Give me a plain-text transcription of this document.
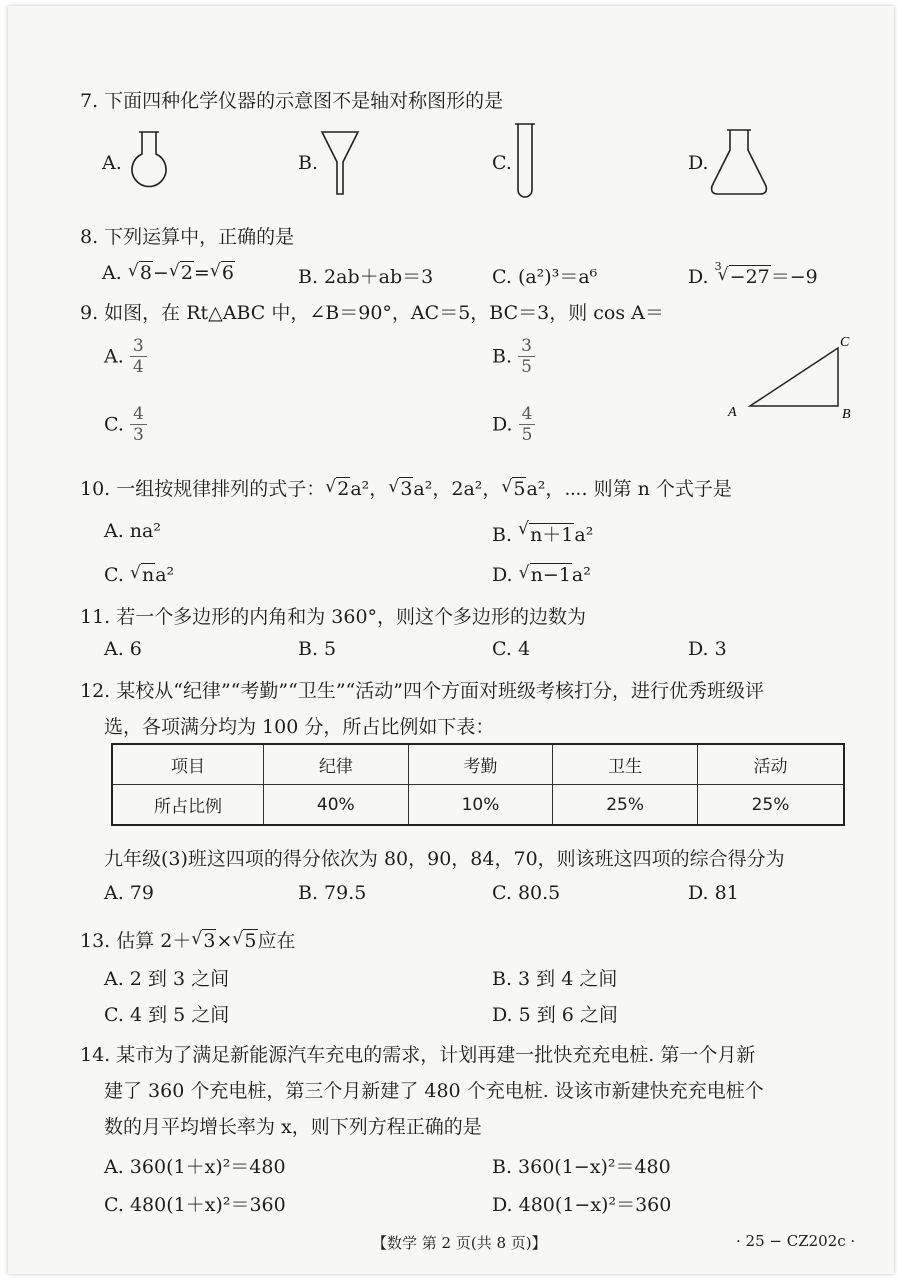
7. 下面四种化学仪器的示意图不是轴对称图形的是
A.	B.	C.	D.
8. 下列运算中，正确的是
A. √ 8− √ 2= √ 6	B. 2ab＋ab＝3	C. (a²)³＝a⁶	D. $^3$ √ −27＝−9
9. 如图，在 Rt△ABC 中，∠B＝90°，AC＝5，BC＝3，则 cos A＝
A. $\frac{3}{4}$	B. $\frac{3}{5}$
C. $\frac{4}{3}$	D. $\frac{4}{5}$	A	B
C
10. 一组按规律排列的式子： √ 2a²， √ 3a²，2a²， √ 5a²，⋯. 则第 n 个式子是
A. na²	B. √ n＋1a²
C. √ na²	D. √ n−1a²
11. 若一个多边形的内角和为 360°，则这个多边形的边数为
A. 6	B. 5	C. 4	D. 3
12. 某校从“纪律”“考勤”“卫生”“活动”四个方面对班级考核打分，进行优秀班级评
选，各项满分均为 100 分，所占比例如下表：
项目	纪律	考勤	卫生	活动
所占比例	40%	10%	25%	25%
九年级(3)班这四项的得分依次为 80，90，84，70，则该班这四项的综合得分为
A. 79	B. 79.5	C. 80.5	D. 81
13. 估算 2＋ √ 3× √ 5应在
A. 2 到 3 之间	B. 3 到 4 之间
C. 4 到 5 之间	D. 5 到 6 之间
14. 某市为了满足新能源汽车充电的需求，计划再建一批快充充电桩. 第一个月新
建了 360 个充电桩，第三个月新建了 480 个充电桩. 设该市新建快充充电桩个
数的月平均增长率为 x，则下列方程正确的是
A. 360(1＋x)²＝480	B. 360(1−x)²＝480
C. 480(1＋x)²＝360	D. 480(1−x)²＝360
【数学 第 2 页(共 8 页)】	· 25 − CZ202c ·
